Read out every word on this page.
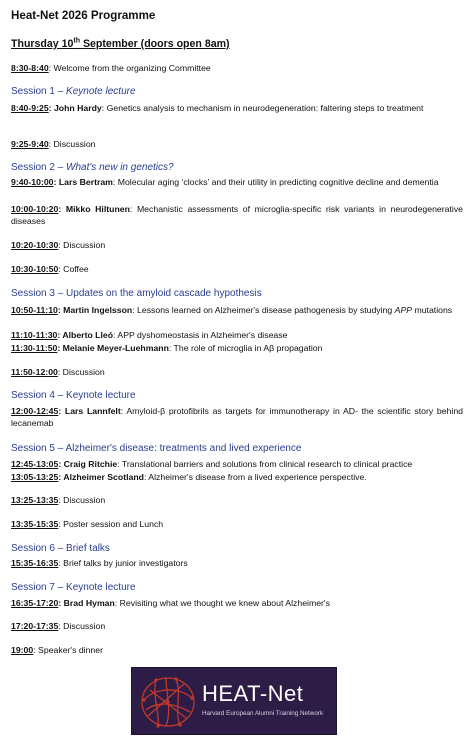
Heat-Net 2026 Programme
Thursday 10th September (doors open 8am)
8:30-8:40: Welcome from the organizing Committee
Session 1 – Keynote lecture
8:40-9:25: John Hardy: Genetics analysis to mechanism in neurodegeneration: faltering steps to treatment
9:25-9:40: Discussion
Session 2 – What's new in genetics?
9:40-10:00: Lars Bertram: Molecular aging ‘clocks’ and their utility in predicting cognitive decline and dementia
10:00-10:20: Mikko Hiltunen: Mechanistic assessments of microglia-specific risk variants in neurodegenerative diseases
10:20-10:30: Discussion
10:30-10:50: Coffee
Session 3 – Updates on the amyloid cascade hypothesis
10:50-11:10: Martin Ingelsson: Lessons learned on Alzheimer's disease pathogenesis by studying APP mutations
11:10-11:30: Alberto Lleó: APP dyshomeostasis in Alzheimer's disease
11:30-11:50: Melanie Meyer-Luehmann: The role of microglia in Aβ propagation
11:50-12:00: Discussion
Session 4 – Keynote lecture
12:00-12:45: Lars Lannfelt: Amyloid-β protofibrils as targets for immunotherapy in AD- the scientific story behind lecanemab
Session 5 – Alzheimer's disease: treatments and lived experience
12:45-13:05: Craig Ritchie: Translational barriers and solutions from clinical research to clinical practice
13:05-13:25: Alzheimer Scotland: Alzheimer's disease from a lived experience perspective.
13:25-13:35: Discussion
13:35-15:35: Poster session and Lunch
Session 6 – Brief talks
15:35-16:35: Brief talks by junior investigators
Session 7 – Keynote lecture
16:35-17:20: Brad Hyman: Revisiting what we thought we knew about Alzheimer's
17:20-17:35: Discussion
19:00: Speaker's dinner
HEAT-Net
Harvard European Alumni Training Network
